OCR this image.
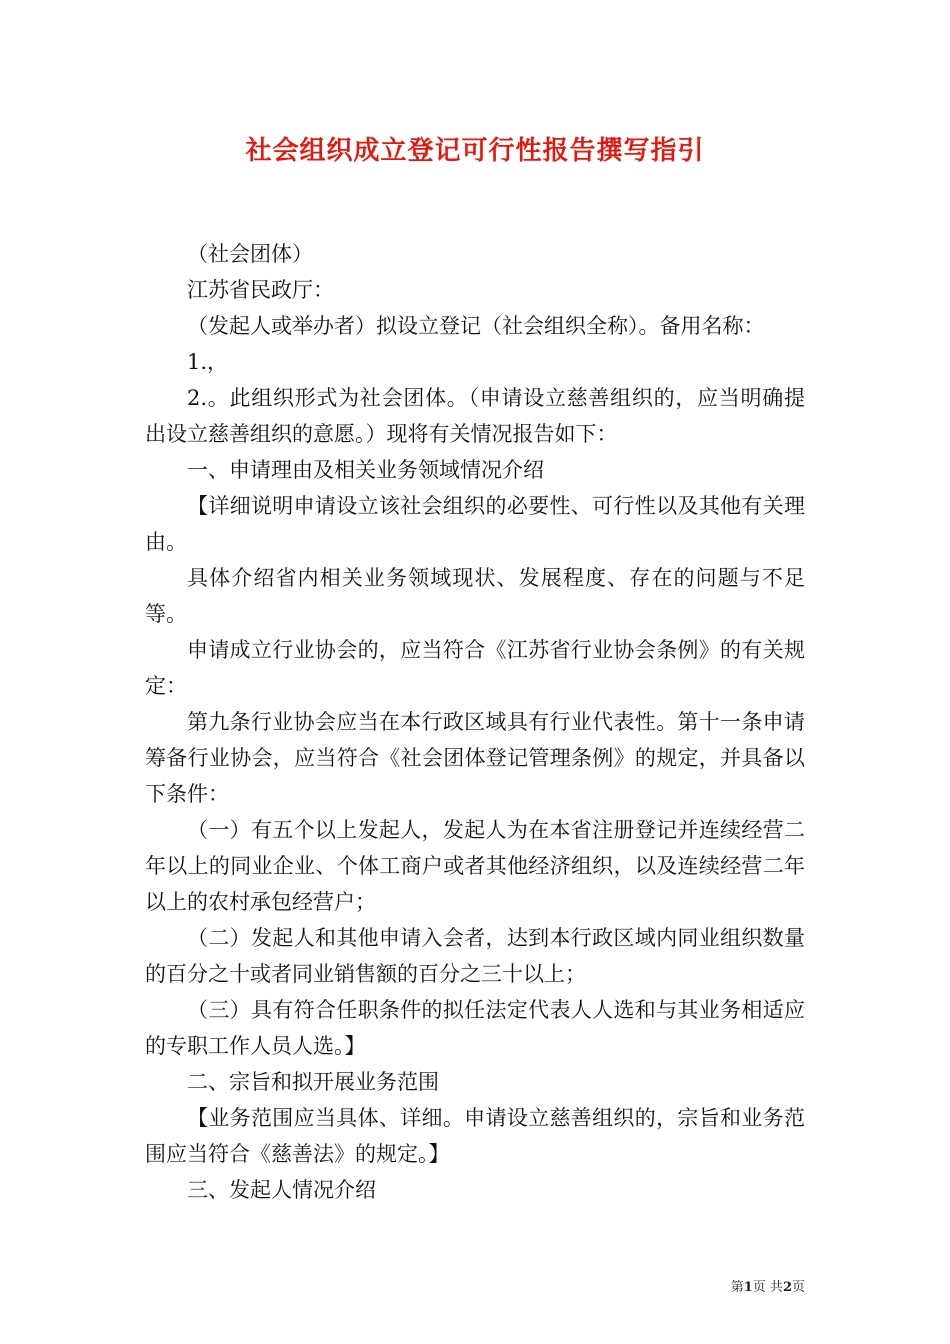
社会组织成立登记可行性报告撰写指引

（社会团体）

江苏省民政厅：

（发起人或举办者）拟设立登记（社会组织全称）。备用名称：

1.，

2.。此组织形式为社会团体。（申请设立慈善组织的，应当明确提出设立慈善组织的意愿。）现将有关情况报告如下：

一、申请理由及相关业务领域情况介绍

【详细说明申请设立该社会组织的必要性、可行性以及其他有关理由。

具体介绍省内相关业务领域现状、发展程度、存在的问题与不足等。

申请成立行业协会的，应当符合《江苏省行业协会条例》的有关规定：

第九条行业协会应当在本行政区域具有行业代表性。第十一条申请筹备行业协会，应当符合《社会团体登记管理条例》的规定，并具备以下条件：

（一）有五个以上发起人，发起人为在本省注册登记并连续经营二年以上的同业企业、个体工商户或者其他经济组织，以及连续经营二年以上的农村承包经营户；

（二）发起人和其他申请入会者，达到本行政区域内同业组织数量的百分之十或者同业销售额的百分之三十以上；

（三）具有符合任职条件的拟任法定代表人人选和与其业务相适应的专职工作人员人选。】

二、宗旨和拟开展业务范围

【业务范围应当具体、详细。申请设立慈善组织的，宗旨和业务范围应当符合《慈善法》的规定。】

三、发起人情况介绍

第1页 共2页
